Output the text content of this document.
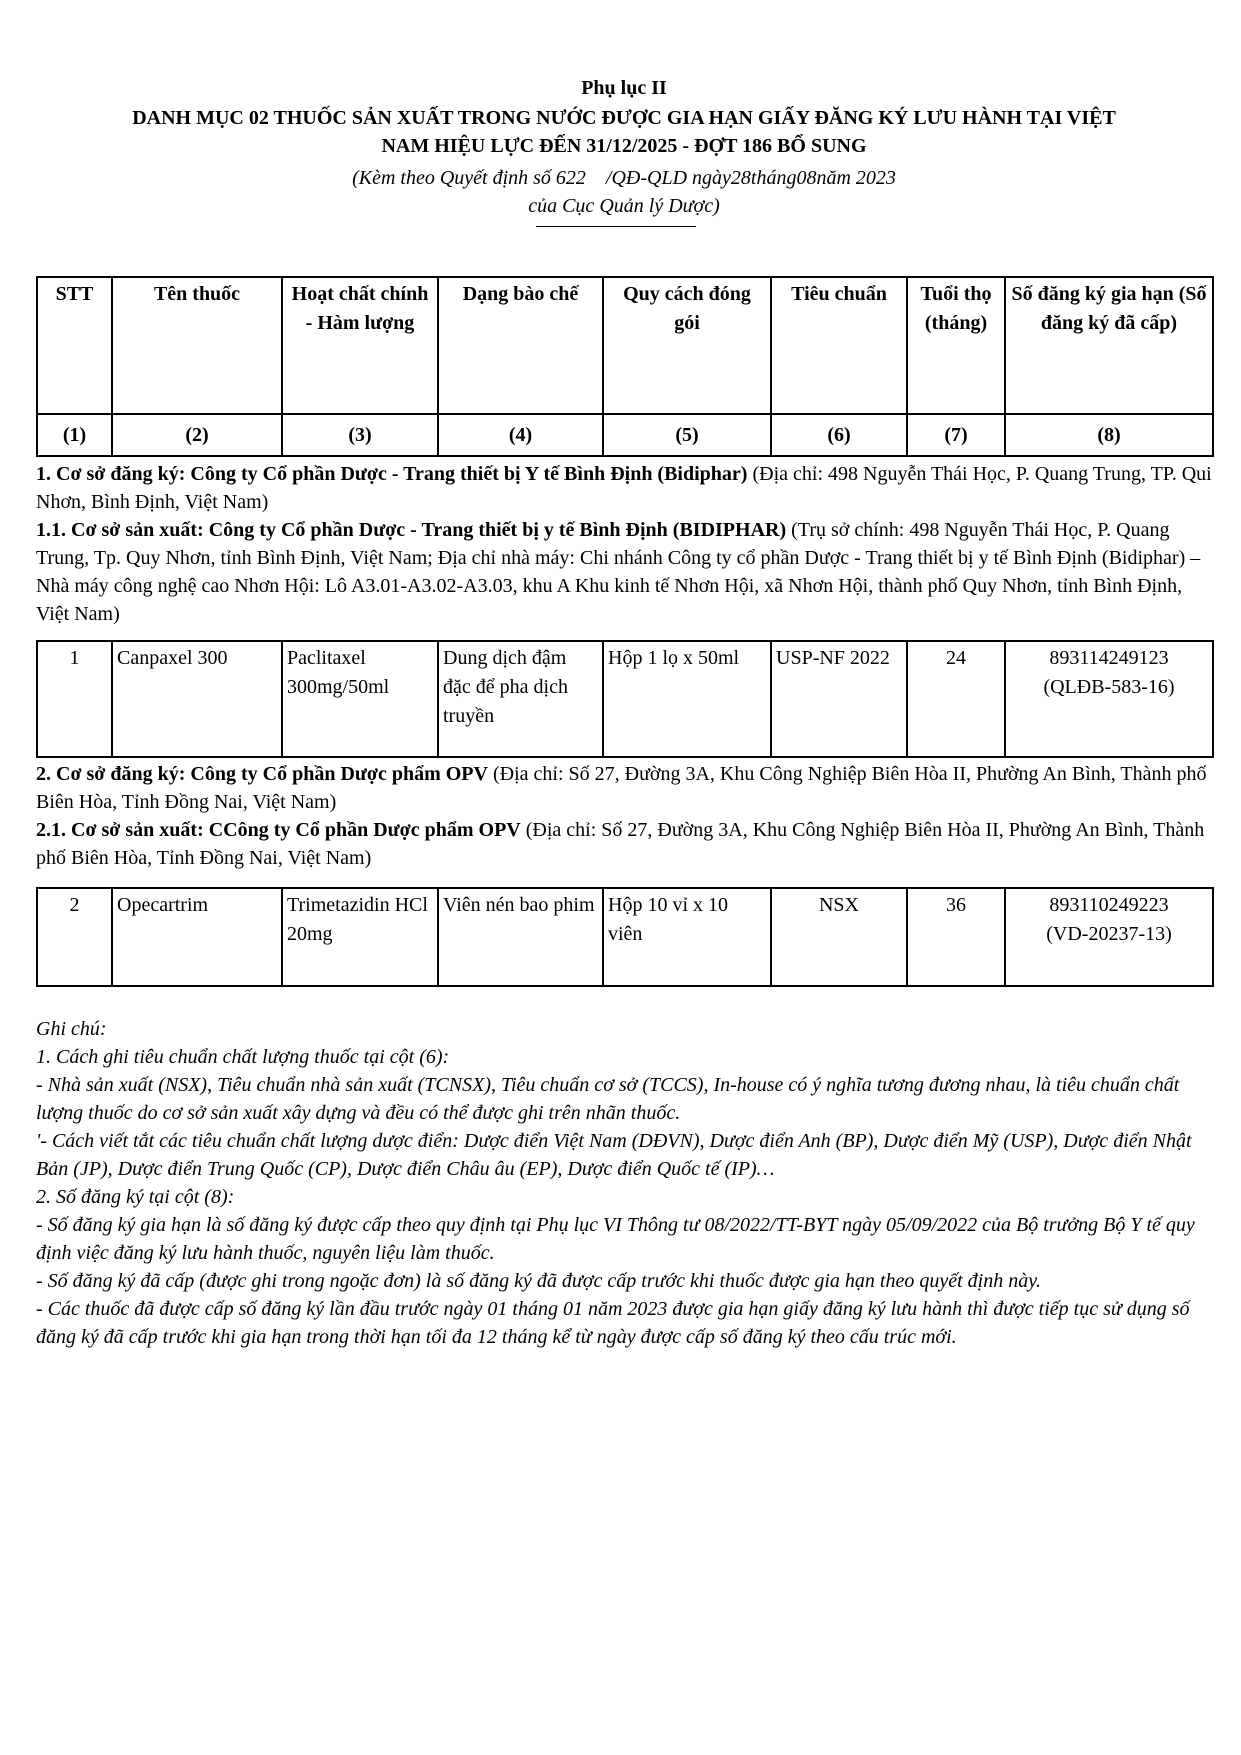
Phụ lục II
DANH MỤC 02 THUỐC SẢN XUẤT TRONG NƯỚC ĐƯỢC GIA HẠN GIẤY ĐĂNG KÝ LƯU HÀNH TẠI VIỆT
NAM HIỆU LỰC ĐẾN 31/12/2025 - ĐỢT 186 BỔ SUNG
(Kèm theo Quyết định số 622    /QĐ-QLD ngày28tháng08năm 2023
của Cục Quản lý Dược)
STT	Tên thuốc	Hoạt chất chính - Hàm lượng	Dạng bào chế	Quy cách đóng gói	Tiêu chuẩn	Tuổi thọ (tháng)	Số đăng ký gia hạn (Số đăng ký đã cấp)
(1)	(2)	(3)	(4)	(5)	(6)	(7)	(8)
1. Cơ sở đăng ký: Công ty Cổ phần Dược - Trang thiết bị Y tế Bình Định (Bidiphar) (Địa chỉ: 498 Nguyễn Thái Học, P. Quang Trung, TP. Qui Nhơn, Bình Định, Việt Nam)
1.1. Cơ sở sản xuất: Công ty Cổ phần Dược - Trang thiết bị y tế Bình Định (BIDIPHAR) (Trụ sở chính: 498 Nguyễn Thái Học, P. Quang Trung, Tp. Quy Nhơn, tỉnh Bình Định, Việt Nam; Địa chỉ nhà máy: Chi nhánh Công ty cổ phần Dược - Trang thiết bị y tế Bình Định (Bidiphar) – Nhà máy công nghệ cao Nhơn Hội: Lô A3.01-A3.02-A3.03, khu A Khu kinh tế Nhơn Hội, xã Nhơn Hội, thành phố Quy Nhơn, tỉnh Bình Định, Việt Nam)
1	Canpaxel 300	Paclitaxel 300mg/50ml	Dung dịch đậm đặc để pha dịch truyền	Hộp 1 lọ x 50ml	USP-NF 2022	24	893114249123
(QLĐB-583-16)
2. Cơ sở đăng ký: Công ty Cổ phần Dược phẩm OPV (Địa chỉ: Số 27, Đường 3A, Khu Công Nghiệp Biên Hòa II, Phường An Bình, Thành phố Biên Hòa, Tỉnh Đồng Nai, Việt Nam)
2.1. Cơ sở sản xuất: CCông ty Cổ phần Dược phẩm OPV (Địa chỉ: Số 27, Đường 3A, Khu Công Nghiệp Biên Hòa II, Phường An Bình, Thành phố Biên Hòa, Tỉnh Đồng Nai, Việt Nam)
2	Opecartrim	Trimetazidin HCl 20mg	Viên nén bao phim	Hộp 10 vỉ x 10 viên	NSX	36	893110249223
(VD-20237-13)

Ghi chú:

1. Cách ghi tiêu chuẩn chất lượng thuốc tại cột (6):

- Nhà sản xuất (NSX), Tiêu chuẩn nhà sản xuất (TCNSX), Tiêu chuẩn cơ sở (TCCS), In-house có ý nghĩa tương đương nhau, là tiêu chuẩn chất lượng thuốc do cơ sở sản xuất xây dựng và đều có thể được ghi trên nhãn thuốc.

'- Cách viết tắt các tiêu chuẩn chất lượng dược điển: Dược điển Việt Nam (DĐVN), Dược điển Anh (BP), Dược điển Mỹ (USP), Dược điển Nhật Bản (JP), Dược điển Trung Quốc (CP), Dược điển Châu âu (EP), Dược điển Quốc tế (IP)…

2. Số đăng ký tại cột (8):

- Số đăng ký gia hạn là số đăng ký được cấp theo quy định tại Phụ lục VI Thông tư 08/2022/TT-BYT ngày 05/09/2022 của Bộ trưởng Bộ Y tế quy định việc đăng ký lưu hành thuốc, nguyên liệu làm thuốc.

- Số đăng ký đã cấp (được ghi trong ngoặc đơn) là số đăng ký đã được cấp trước khi thuốc được gia hạn theo quyết định này.

- Các thuốc đã được cấp số đăng ký lần đầu trước ngày 01 tháng 01 năm 2023 được gia hạn giấy đăng ký lưu hành thì được tiếp tục sử dụng số đăng ký đã cấp trước khi gia hạn trong thời hạn tối đa 12 tháng kể từ ngày được cấp số đăng ký theo cấu trúc mới.
